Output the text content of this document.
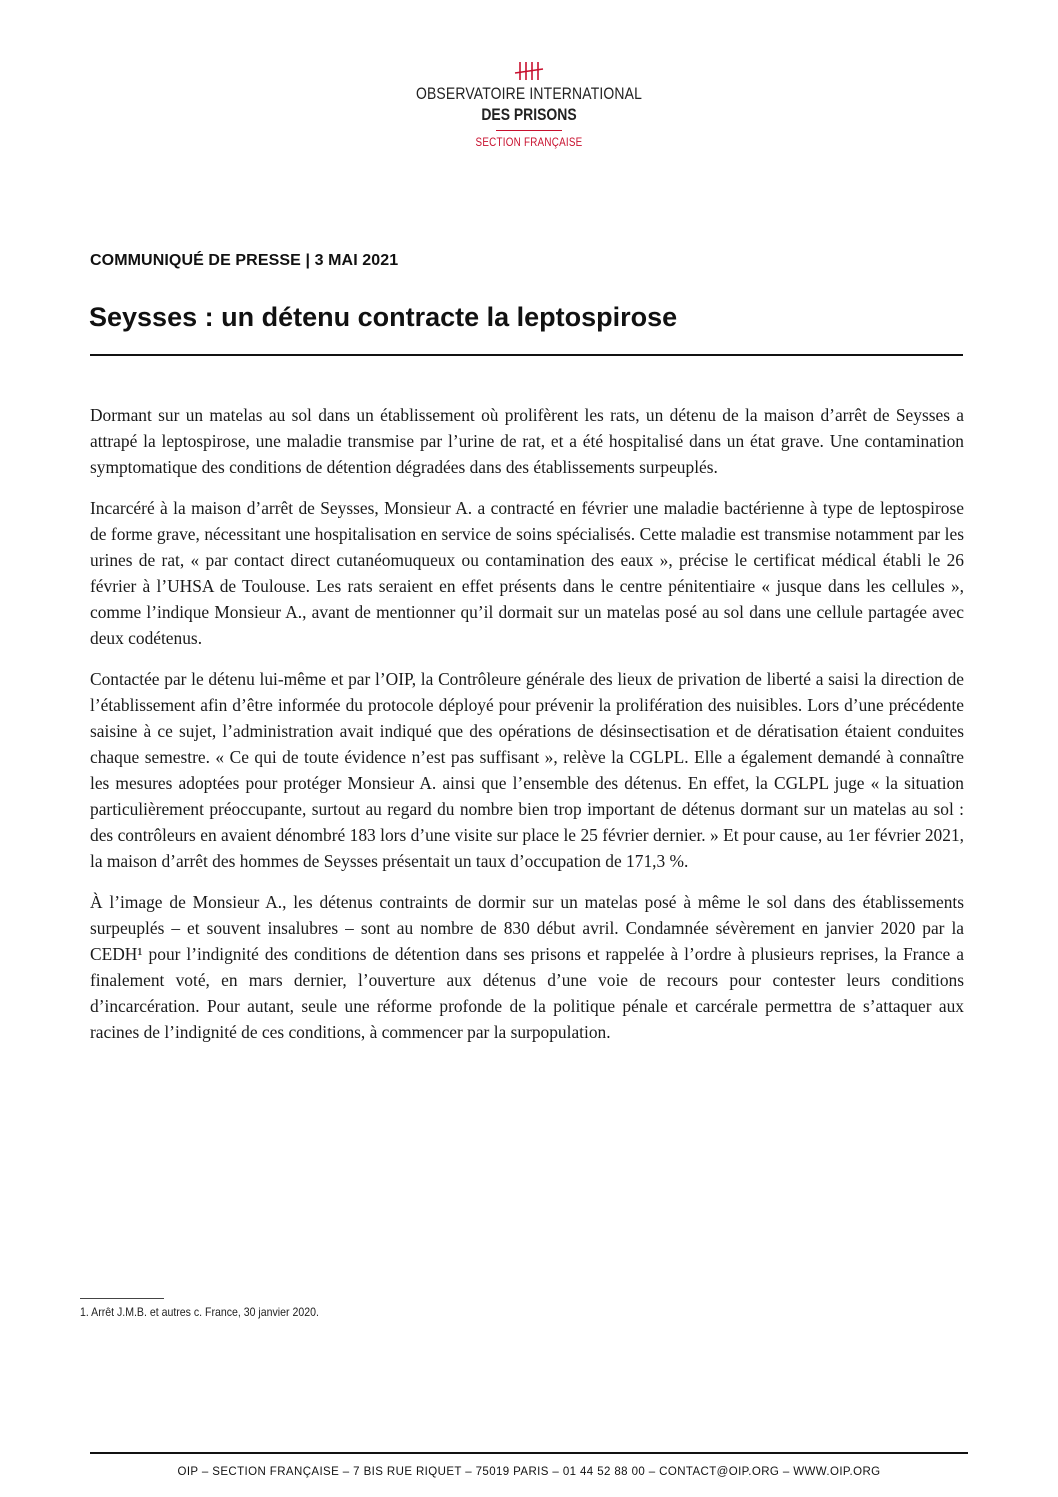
OBSERVATOIRE INTERNATIONAL
DES PRISONS
SECTION FRANÇAISE
COMMUNIQUÉ DE PRESSE | 3 MAI 2021
Seysses : un détenu contracte la leptospirose

Dormant sur un matelas au sol dans un établissement où prolifèrent les rats, un détenu de la maison d’arrêt de Seysses a attrapé la leptospirose, une maladie transmise par l’urine de rat, et a été hospitalisé dans un état grave. Une contamination symptomatique des conditions de détention dégradées dans des établissements surpeuplés.

Incarcéré à la maison d’arrêt de Seysses, Monsieur A. a contracté en février une maladie bactérienne à type de leptospirose de forme grave, nécessitant une hospitalisation en service de soins spécialisés. Cette maladie est transmise notamment par les urines de rat, « par contact direct cutanéomuqueux ou contamination des eaux », précise le certificat médical établi le 26 février à l’UHSA de Toulouse. Les rats seraient en effet présents dans le centre pénitentiaire « jusque dans les cellules », comme l’indique Monsieur A., avant de mentionner qu’il dormait sur un matelas posé au sol dans une cellule partagée avec deux codétenus.

Contactée par le détenu lui-même et par l’OIP, la Contrôleure générale des lieux de privation de liberté a saisi la direction de l’établissement afin d’être informée du protocole déployé pour prévenir la prolifération des nuisibles. Lors d’une précédente saisine à ce sujet, l’administration avait indiqué que des opérations de désinsectisation et de dératisation étaient conduites chaque semestre. « Ce qui de toute évidence n’est pas suffisant », relève la CGLPL. Elle a également demandé à connaître les mesures adoptées pour protéger Monsieur A. ainsi que l’ensemble des détenus. En effet, la CGLPL juge « la situation particulièrement préoccupante, surtout au regard du nombre bien trop important de détenus dormant sur un matelas au sol : des contrôleurs en avaient dénombré 183 lors d’une visite sur place le 25 février dernier. » Et pour cause, au 1er février 2021, la maison d’arrêt des hommes de Seysses présentait un taux d’occupation de 171,3 %.

À l’image de Monsieur A., les détenus contraints de dormir sur un matelas posé à même le sol dans des établissements surpeuplés – et souvent insalubres – sont au nombre de 830 début avril. Condamnée sévèrement en janvier 2020 par la CEDH¹ pour l’indignité des conditions de détention dans ses prisons et rappelée à l’ordre à plusieurs reprises, la France a finalement voté, en mars dernier, l’ouverture aux détenus d’une voie de recours pour contester leurs conditions d’incarcération. Pour autant, seule une réforme profonde de la politique pénale et carcérale permettra de s’attaquer aux racines de l’indignité de ces conditions, à commencer par la surpopulation.

1. Arrêt J.M.B. et autres c. France, 30 janvier 2020.
OIP – SECTION FRANÇAISE – 7 BIS RUE RIQUET – 75019 PARIS – 01 44 52 88 00 – CONTACT@OIP.ORG – WWW.OIP.ORG
